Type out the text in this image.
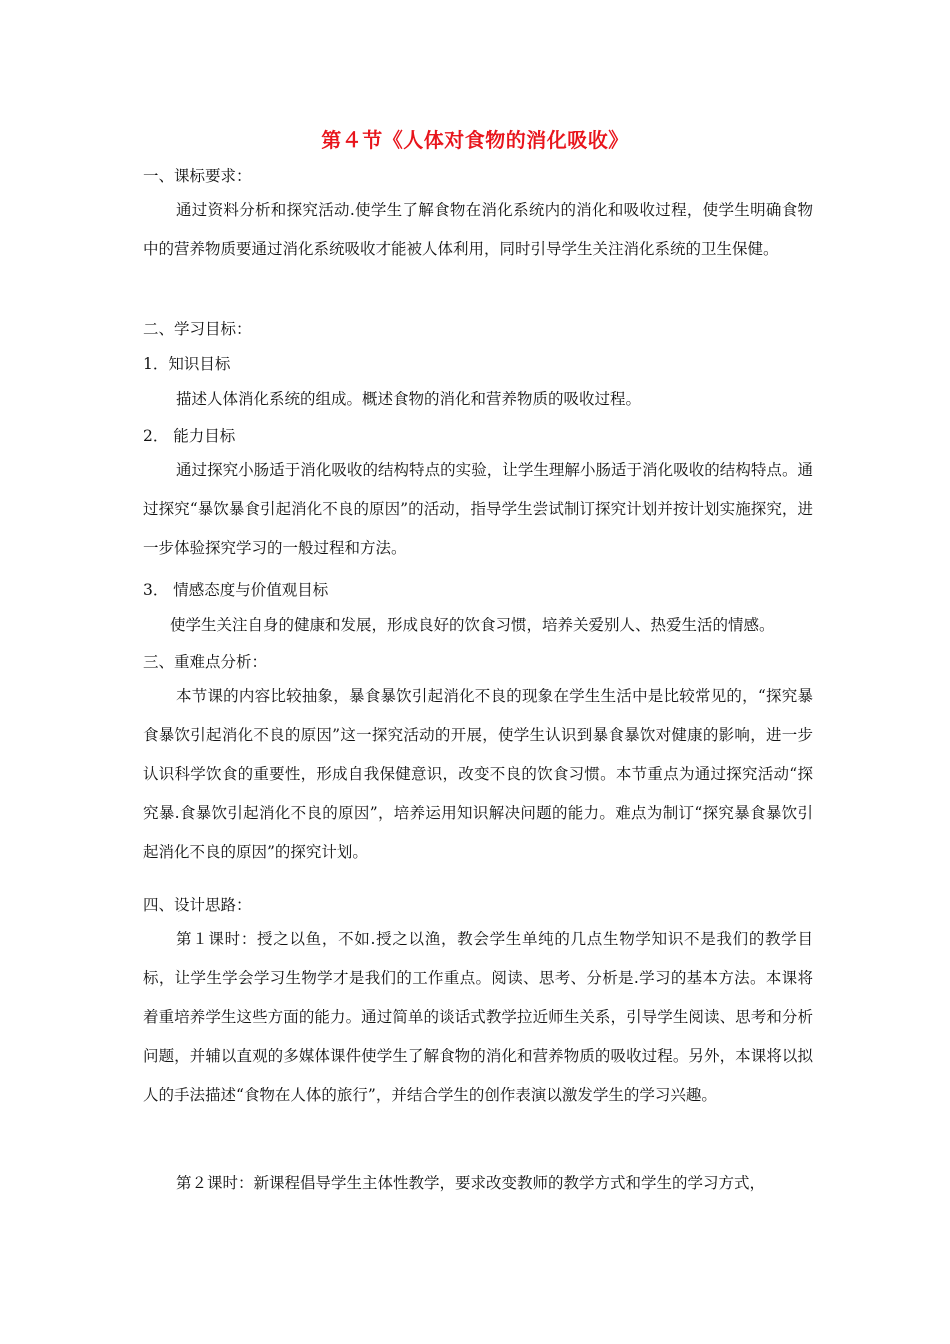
第４节《人体对食物的消化吸收》
一、课标要求：

通过资料分析和探究活动.使学生了解食物在消化系统内的消化和吸收过程，使学生明确食物中的营养物质要通过消化系统吸收才能被人体利用，同时引导学生关注消化系统的卫生保健。

二、学习目标：
1．知识目标

描述人体消化系统的组成。概述食物的消化和营养物质的吸收过程。

2． 能力目标

通过探究小肠适于消化吸收的结构特点的实验，让学生理解小肠适于消化吸收的结构特点。通过探究“暴饮暴食引起消化不良的原因”的活动，指导学生尝试制订探究计划并按计划实施探究，进一步体验探究学习的一般过程和方法。

3． 情感态度与价值观目标

使学生关注自身的健康和发展，形成良好的饮食习惯，培养关爱别人、热爱生活的情感。

三、重难点分析：

本节课的内容比较抽象，暴食暴饮引起消化不良的现象在学生生活中是比较常见的，“探究暴食暴饮引起消化不良的原因”这一探究活动的开展，使学生认识到暴食暴饮对健康的影响，进一步认识科学饮食的重要性，形成自我保健意识，改变不良的饮食习惯。本节重点为通过探究活动“探究暴.食暴饮引起消化不良的原因”，培养运用知识解决问题的能力。难点为制订“探究暴食暴饮引起消化不良的原因”的探究计划。

四、设计思路：

第１课时：授之以鱼，不如.授之以渔，教会学生单纯的几点生物学知识不是我们的教学目标，让学生学会学习生物学才是我们的工作重点。阅读、思考、分析是.学习的基本方法。本课将着重培养学生这些方面的能力。通过简单的谈话式教学拉近师生关系，引导学生阅读、思考和分析问题，并辅以直观的多媒体课件使学生了解食物的消化和营养物质的吸收过程。另外，本课将以拟人的手法描述“食物在人体的旅行”，并结合学生的创作表演以激发学生的学习兴趣。

第２课时：新课程倡导学生主体性教学，要求改变教师的教学方式和学生的学习方式，
